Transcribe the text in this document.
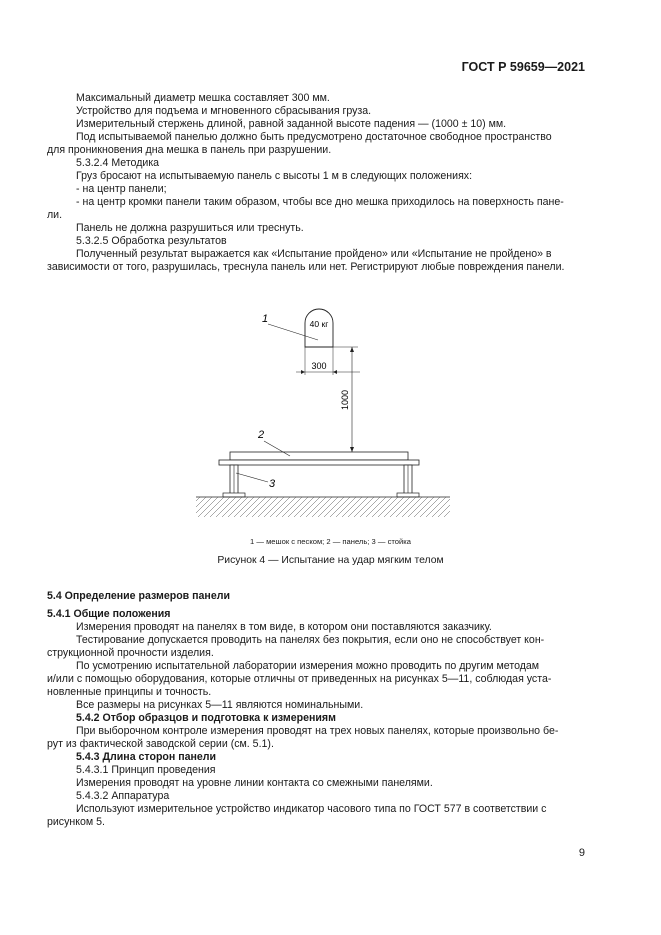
ГОСТ Р 59659—2021

Максимальный диаметр мешка составляет 300 мм.

Устройство для подъема и мгновенного сбрасывания груза.

Измерительный стержень длиной, равной заданной высоте падения — (1000 ± 10) мм.

Под испытываемой панелью должно быть предусмотрено достаточное свободное пространство

для проникновения дна мешка в панель при разрушении.

5.3.2.4 Методика

Груз бросают на испытываемую панель с высоты 1 м в следующих положениях:

- на центр панели;

- на центр кромки панели таким образом, чтобы все дно мешка приходилось на поверхность пане-

ли.

Панель не должна разрушиться или треснуть.

5.3.2.5 Обработка результатов

Полученный результат выражается как «Испытание пройдено» или «Испытание не пройдено» в

зависимости от того, разрушилась, треснула панель или нет. Регистрируют любые повреждения панели.

40 кг
1
300
1000
2
3
1 — мешок с песком; 2 — панель; 3 — стойка
Рисунок 4 — Испытание на удар мягким телом

5.4 Определение размеров панели

5.4.1 Общие положения

Измерения проводят на панелях в том виде, в котором они поставляются заказчику.

Тестирование допускается проводить на панелях без покрытия, если оно не способствует кон-

струкционной прочности изделия.

По усмотрению испытательной лаборатории измерения можно проводить по другим методам

и/или с помощью оборудования, которые отличны от приведенных на рисунках 5—11, соблюдая уста-

новленные принципы и точность.

Все размеры на рисунках 5—11 являются номинальными.

5.4.2 Отбор образцов и подготовка к измерениям

При выборочном контроле измерения проводят на трех новых панелях, которые произвольно бе-

рут из фактической заводской серии (см. 5.1).

5.4.3 Длина сторон панели

5.4.3.1 Принцип проведения

Измерения проводят на уровне линии контакта со смежными панелями.

5.4.3.2 Аппаратура

Используют измерительное устройство индикатор часового типа по ГОСТ 577 в соответствии с

рисунком 5.

9
